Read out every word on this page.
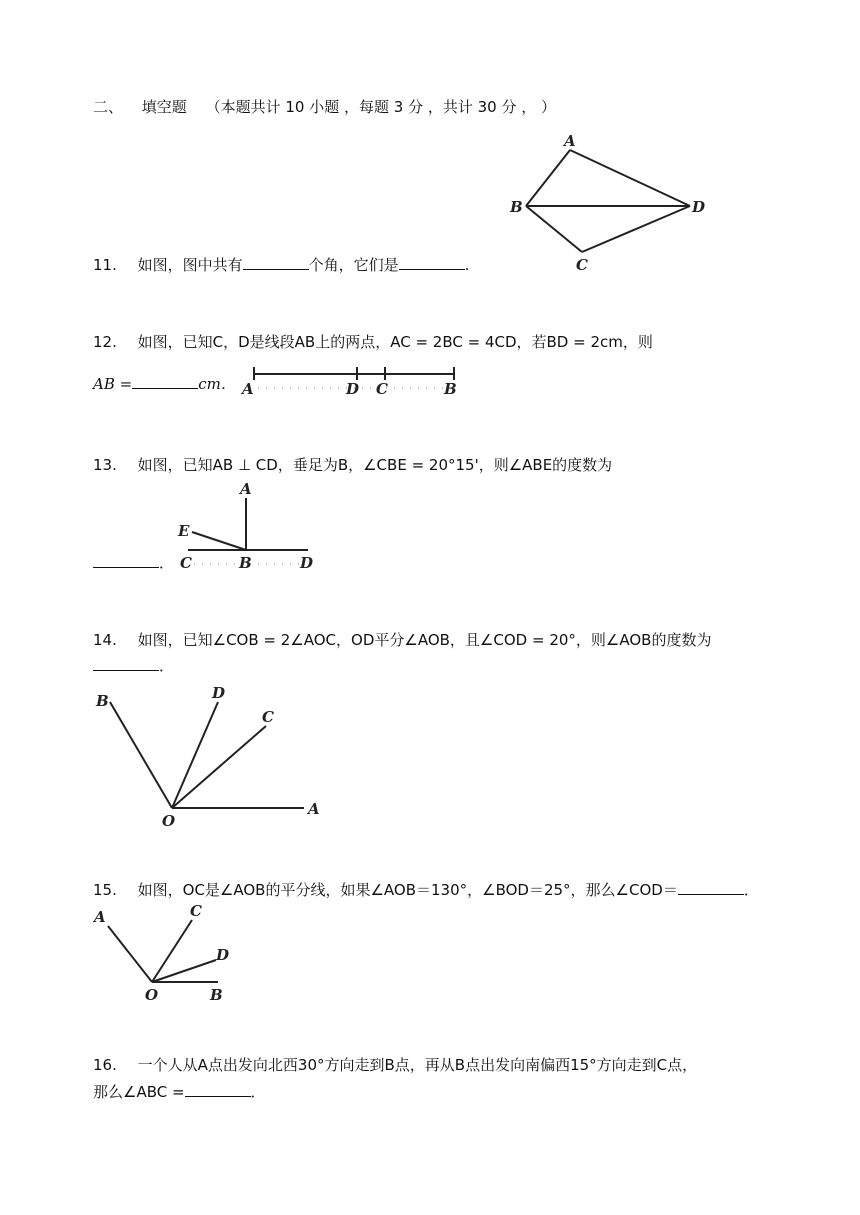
二、 填空题 （本题共计 10 小题 ，每题 3 分 ，共计 30 分 ， ）
11. 如图，图中共有	个角，它们是	.
A
B
C
D
12. 如图，已知C，D是线段AB上的两点，AC = 2BC = 4CD，若BD = 2cm，则
AB =	cm． A	D C	B
13. 如图，已知AB ⊥ CD，垂足为B，∠CBE = 20°15'，则∠ABE的度数为
．
A
E
C	B	D
14. 如图，已知∠COB = 2∠AOC，OD平分∠AOB，且∠COD = 20°，则∠AOB的度数为
．
B	D
C
O
A
15. 如图，OC是∠AOB的平分线，如果∠AOB＝130°，∠BOD＝25°，那么∠COD＝	．
A	C
D
O	B
16. 一个人从A点出发向北西30°方向走到B点，再从B点出发向南偏西15°方向走到C点，
那么∠ABC =	．
